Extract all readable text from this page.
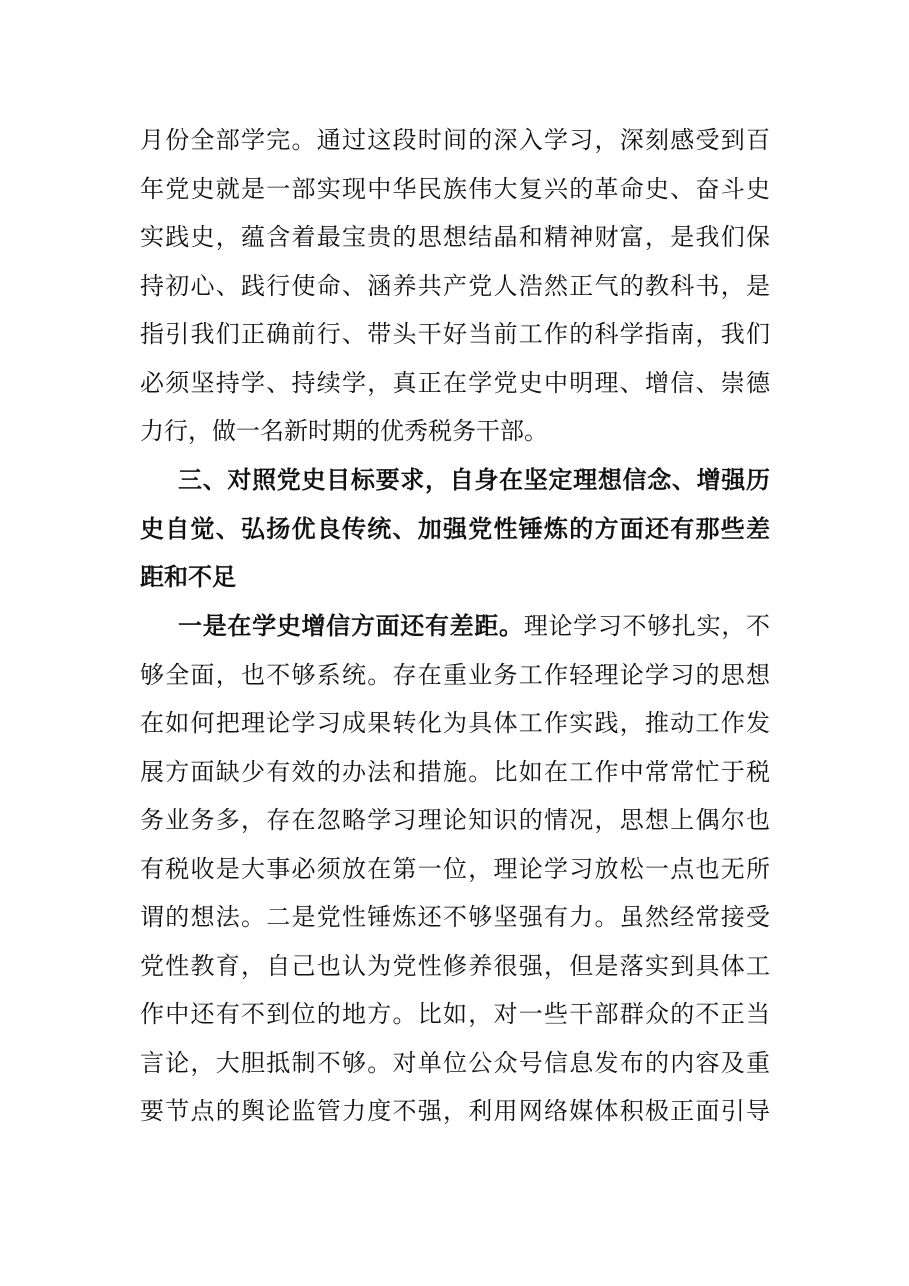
月份全部学完。通过这段时间的深入学习，深刻感受到百
年党史就是一部实现中华民族伟大复兴的革命史、奋斗史
实践史，蕴含着最宝贵的思想结晶和精神财富，是我们保
持初心、践行使命、涵养共产党人浩然正气的教科书，是
指引我们正确前行、带头干好当前工作的科学指南，我们
必须坚持学、持续学，真正在学党史中明理、增信、崇德
力行，做一名新时期的优秀税务干部。
三、对照党史目标要求，自身在坚定理想信念、增强历
史自觉、弘扬优良传统、加强党性锤炼的方面还有那些差
距和不足
一是在学史增信方面还有差距。理论学习不够扎实，不
够全面，也不够系统。存在重业务工作轻理论学习的思想
在如何把理论学习成果转化为具体工作实践，推动工作发
展方面缺少有效的办法和措施。比如在工作中常常忙于税
务业务多，存在忽略学习理论知识的情况，思想上偶尔也
有税收是大事必须放在第一位，理论学习放松一点也无所
谓的想法。二是党性锤炼还不够坚强有力。虽然经常接受
党性教育，自己也认为党性修养很强，但是落实到具体工
作中还有不到位的地方。比如，对一些干部群众的不正当
言论，大胆抵制不够。对单位公众号信息发布的内容及重
要节点的舆论监管力度不强，利用网络媒体积极正面引导
